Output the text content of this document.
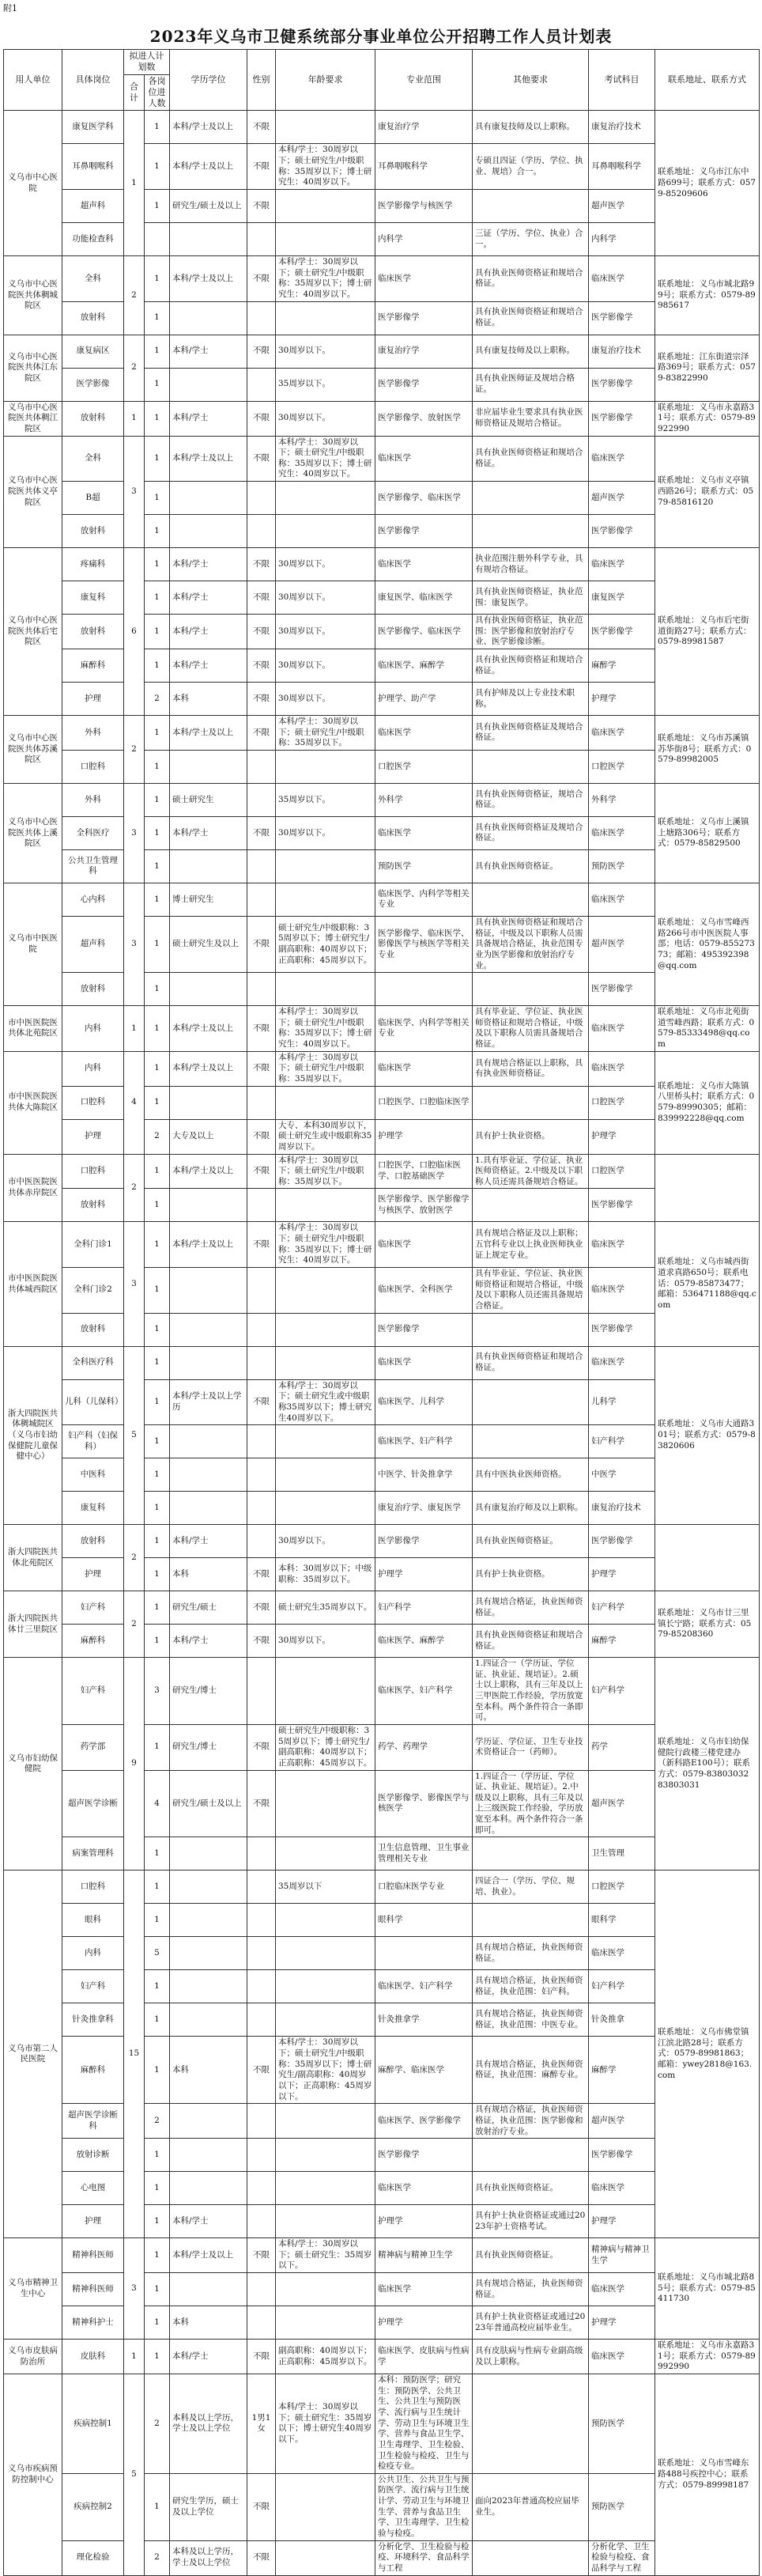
附1
2023年义乌市卫健系统部分事业单位公开招聘工作人员计划表
用人单位	具体岗位	拟进人计划数		学历学位	性别	年龄要求	专业范围	其他要求	考试科目	联系地址、联系方式
		合计	各岗位进人数							
义乌市中心医院	康复医学科	1	1	本科/学士及以上	不限		康复治疗学	具有康复技师及以上职称。	康复治疗技术	联系地址：义乌市江东中路699号；联系方式：0579-85209606
	耳鼻咽喉科		1	本科/学士及以上	不限	本科/学士：30周岁以下；硕士研究生/中级职称：35周岁以下；博士研究生：40周岁以下。	耳鼻咽喉科学	专硕且四证（学历、学位、执业、规培）合一。	耳鼻咽喉科学	
	超声科		1	研究生/硕士及以上	不限		医学影像学与核医学		超声医学	
	功能检查科						内科学	三证（学历、学位、执业）合一。	内科学	
义乌市中心医院医共体稠城院区	全科	2	1	本科/学士及以上	不限	本科/学士：30周岁以下；硕士研究生/中级职称：35周岁以下；博士研究生：40周岁以下。	临床医学	具有执业医师资格证和规培合格证。	临床医学	联系地址：义乌市城北路99号；联系方式：0579-89985617
	放射科		1				医学影像学	具有执业医师资格证和规培合格证。	医学影像学	
义乌市中心医院医共体江东院区	康复病区	2	1	本科/学士	不限	30周岁以下。	康复治疗学	具有康复技师及以上职称。	康复治疗技术	联系地址：江东街道宗泽路369号；联系方式：0579-83822990
	医学影像		1			35周岁以下。	医学影像学	具有执业医师证及规培合格证。	医学影像学	
义乌市中心医院医共体稠江院区	放射科	1	1	本科/学士	不限	30周岁以下。	医学影像学、放射医学	非应届毕业生要求具有执业医师资格证及规培合格证。	医学影像学	联系地址：义乌市永嘉路31号；联系方式：0579-89922990
义乌市中心医院医共体义亭院区	全科	3	1	本科/学士及以上	不限	本科/学士：30周岁以下；硕士研究生/中级职称：35周岁以下；博士研究生：40周岁以下。	临床医学	具有执业医师资格证和规培合格证。	临床医学	联系地址：义乌市义亭镇西路26号；联系方式：0579-85816120
	B超		1				医学影像学、临床医学		超声医学	
	放射科		1				医学影像学		医学影像学	
义乌市中心医院医共体后宅院区	疼痛科	6	1	本科/学士	不限	30周岁以下。	临床医学	执业范围注册外科学专业，具有规培合格证。	临床医学	联系地址：义乌市后宅街道街路27号；联系方式：0579-89981587
	康复科		1	本科/学士	不限	30周岁以下。	康复医学、临床医学	具有执业医师资格证，执业范围：康复医学。	康复医学	
	放射科		1	本科/学士	不限	30周岁以下。	医学影像学、临床医学	具有执业医师资格证，执业范围：医学影像和放射治疗专业、医学影像诊断。	医学影像学	
	麻醉科		1	本科/学士	不限	30周岁以下。	临床医学、麻醉学	具有执业医师资格证和规培合格证。	麻醉学	
	护理		2	本科	不限	30周岁以下。	护理学、助产学	具有护师及以上专业技术职称。	护理学	
义乌市中心医院医共体苏溪院区	外科	2	1	本科/学士及以上	不限	本科/学士：30周岁以下；硕士研究生/中级职称：35周岁以下。	临床医学	具有执业医师资格证及规培合格证。	临床医学	联系地址：义乌市苏溪镇苏华街8号；联系方式：0579-89982005
	口腔科		1				口腔医学		口腔医学	
义乌市中心医院医共体上溪院区	外科	3	1	硕士研究生		35周岁以下。	外科学	具有执业医师资格证，规培合格证。	外科学	联系地址：义乌市上溪镇上塘路306号；联系方式：0579-85829500
	全科医疗		1	本科/学士	不限	30周岁以下。	临床医学	具有执业医师资格证及规培合格证。	临床医学	
	公共卫生管理科		1				预防医学	具有执业医师资格证。	预防医学	
义乌市中医医院	心内科	3	1	博士研究生			临床医学、内科学等相关专业		临床医学	联系地址：义乌市雪峰西路266号市中医医院人事部；电话：0579-85527373；邮箱：495392398@qq.com
	超声科		1	硕士研究生及以上	不限	硕士研究生/中级职称：35周岁以下；博士研究生/副高职称：40周岁以下；正高职称：45周岁以下。	医学影像学、临床医学、影像医学与核医学等相关专业	具有执业医师资格证和规培合格证，中级及以下职称人员需具备规培合格证，执业范围专业为医学影像和放射治疗专业。	超声医学	
	放射科		1						医学影像学	
市中医医院医共体北苑院区	内科	1	1	本科/学士及以上	不限	本科/学士：30周岁以下；硕士研究生/中级职称：35周岁以下；博士研究生：40周岁以下。	临床医学、内科学等相关专业	具有毕业证、学位证、执业医师资格证和规培合格证，中级及以下职称人员需具备规培合格证。	临床医学	联系地址：义乌市北苑街道雪峰西路；联系方式：0579-85333498@qq.com
市中医医院医共体大陈院区	内科	4	1	本科/学士及以上	不限	本科/学士：30周岁以下；硕士研究生/中级职称：35周岁以下。	临床医学	具有规培合格证以上职称，具有执业医师资格证。	临床医学	联系地址：义乌市大陈镇八里桥头村；联系方式：0579-89990305；邮箱：839992228@qq.com
	口腔科		1				口腔医学、口腔临床医学		口腔医学	
	护理		2	大专及以上	不限	大专、本科30周岁以下，硕士研究生或中级职称35周岁以下。	护理学	具有护士执业资格。	护理学	
市中医医院医共体赤岸院区	口腔科	2	1	本科/学士及以上	不限	本科/学士：30周岁以下；硕士研究生/中级职称：35周岁以下。	口腔医学、口腔临床医学、口腔基础医学	1.具有毕业证、学位证、执业医师资格证。2.中级及以下职称人员还需具备规培合格证。	口腔医学	
	放射科		1				医学影像学、医学影像学与核医学、放射医学		医学影像学	
市中医医院医共体城西院区	全科门诊1	3	1	本科/学士及以上	不限	本科/学士：30周岁以下；硕士研究生/中级职称：35周岁以下；博士研究生：40周岁以下。	临床医学	具有规培合格证及以上职称；五官科专业以上执业医师执业证上规定专业。	临床医学	联系地址：义乌市城西街道求真路650号；联系电话：0579-85873477；邮箱：536471188@qq.com
	全科门诊2		1				临床医学、全科医学	具有毕业证、学位证、执业医师资格证和规培合格证，中级及以下职称人员还需具备规培合格证。	临床医学	
	放射科		1				医学影像学		医学影像学	
浙大四院医共体稠城院区（义乌市妇幼保健院儿童保健中心）	全科医疗科	5	1				临床医学	具有执业医师资格证和规培合格证。	临床医学	联系地址：义乌市大通路301号；联系方式：0579-83820606
	儿科（儿保科）		1	本科/学士及以上学历	不限	本科/学士：30周岁以下；硕士研究生或中级职称35周岁以下；博士研究生40周岁以下。	临床医学、儿科学		儿科学	
	妇产科（妇保科）		1				临床医学、妇产科学		妇产科学	
	中医科		1				中医学、针灸推拿学	具有中医执业医师资格。	中医学	
	康复科		1				康复治疗学、康复医学	具有康复治疗师及以上职称。	康复治疗技术	
浙大四院医共体北苑院区	放射科	2	1	本科/学士		30周岁以下。	医学影像学	具有执业医师资格证。	医学影像学	
	护理		1	本科	不限	本科：30周岁以下；中级职称：35周岁以下。	护理学	具有护士执业资格。	护理学	
浙大四院医共体廿三里院区	妇产科	2	1	研究生/硕士	不限	硕士研究生35周岁以下。	妇产科学	具有规培合格证，执业医师资格证。	妇产科学	联系地址：义乌市廿三里镇长宁路；联系方式：0579-85208360
	麻醉科		1	本科/学士	不限	30周岁以下。	临床医学、麻醉学	具有执业医师资格证和规培合格证。	麻醉学	
义乌市妇幼保健院	妇产科	9	3	研究生/博士			临床医学、妇产科学	1.四证合一（学历证、学位证、执业证、规培证）。2.硕士以上职称，具有三年及以上三甲医院工作经验，学历放宽至本科。两个条件符合一条即可。	妇产科学	联系地址：义乌市妇幼保健院行政楼三楼党建办（新科路E100号）；联系方式：0579-83803032 83803031
	药学部		1	研究生/博士	不限	硕士研究生/中级职称：35周岁以下；博士研究生/副高职称：40周岁以下；正高职称：45周岁以下。	药学、药理学	学历证、学位证、卫生专业技术资格证合一（药师）。	药学	
	超声医学诊断		4	研究生/硕士及以上	不限		医学影像学、影像医学与核医学	1.四证合一（学历证、学位证、执业证、规培证）。2.中级及以上职称，具有三年及以上三级医院工作经验，学历放宽至本科。两个条件符合一条即可。	超声医学	
	病案管理科		1				卫生信息管理、卫生事业管理相关专业		卫生管理	
义乌市第二人民医院	口腔科	15	1			35周岁以下	口腔临床医学专业	四证合一（学历、学位、规培、执业）。	口腔医学	联系地址：义乌市佛堂镇江滨北路28号；联系方式：0579-89981863；邮箱：ywey2818@163.com
	眼科		1				眼科学		眼科学	
	内科		5					具有规培合格证，执业医师资格证。	临床医学	
	妇产科		1				临床医学、妇产科学	具有规培合格证，执业医师资格证，执业范围：妇产科。	妇产科学	
	针灸推拿科		1				针灸推拿学	具有规培合格证，执业医师资格证，执业范围：中医专业。	针灸推拿	
	麻醉科		1	本科	不限	本科/学士：30周岁以下；硕士研究生/中级职称：35周岁以下；博士研究生/副高职称：40周岁以下；正高职称：45周岁以下。	麻醉学、临床医学	具有规培合格证，执业医师资格证，执业范围：麻醉专业。	麻醉学	
	超声医学诊断科		2				临床医学、医学影像学	具有规培合格证，执业医师资格证，执业范围：医学影像和放射治疗专业。	超声医学	
	放射诊断		1				医学影像学		医学影像学	
	心电图		1				临床医学	具有执业医师资格证。	临床医学	
	护理		1	本科/学士			护理学	具有护士执业资格证或通过2023年护士资格考试。	护理学	
义乌市精神卫生中心	精神科医师	3	1	本科/学士及以上	不限	本科/学士：30周岁以下；硕士研究生：35周岁以下。	精神病与精神卫生学	具有执业医师资格证。	精神病与精神卫生学	联系地址：义乌市城北路85号；联系方式：0579-85411730
	精神科医师		1				临床医学	具有规培合格证，执业医师资格证。	临床医学	
	精神科护士		1	本科			护理学	具有护士执业资格证或通过2023年普通高校应届毕业生。	护理学	
义乌市皮肤病防治所	皮肤科	1	1	本科/学士	不限	副高职称：40周岁以下；正高职称：45周岁以下。	临床医学、皮肤病与性病学	具有皮肤病与性病专业副高级及以上职称。	临床医学	联系地址：义乌市永嘉路31号；联系方式：0579-89992990
义乌市疾病预防控制中心	疾病控制1	5	2	本科及以上学历，学士及以上学位	1男1女	本科/学士：30周岁以下；硕士研究生：35周岁以下；博士研究生40周岁以下。	本科：预防医学；研究生：预防医学、公共卫生、公共卫生与预防医学、流行病与卫生统计学、劳动卫生与环境卫生学、营养与食品卫生学、卫生毒理学、卫生检验、卫生检验与检疫、卫生与检疫专业。		预防医学	联系地址：义乌市雪峰东路488号疾控中心；联系方式：0579-89998187
	疾病控制2		1	研究生学历，硕士及以上学位	不限		公共卫生、公共卫生与预防医学、流行病与卫生统计学、劳动卫生与环境卫生学、营养与食品卫生学、卫生毒理学、卫生检验与检疫。	面向2023年普通高校应届毕业生。	预防医学	
	理化检验		2	本科及以上学历，学士及以上学位	不限		分析化学、卫生检验与检疫、环境科学、食品科学与工程		分析化学、卫生检验与检疫、食品科学与工程	
